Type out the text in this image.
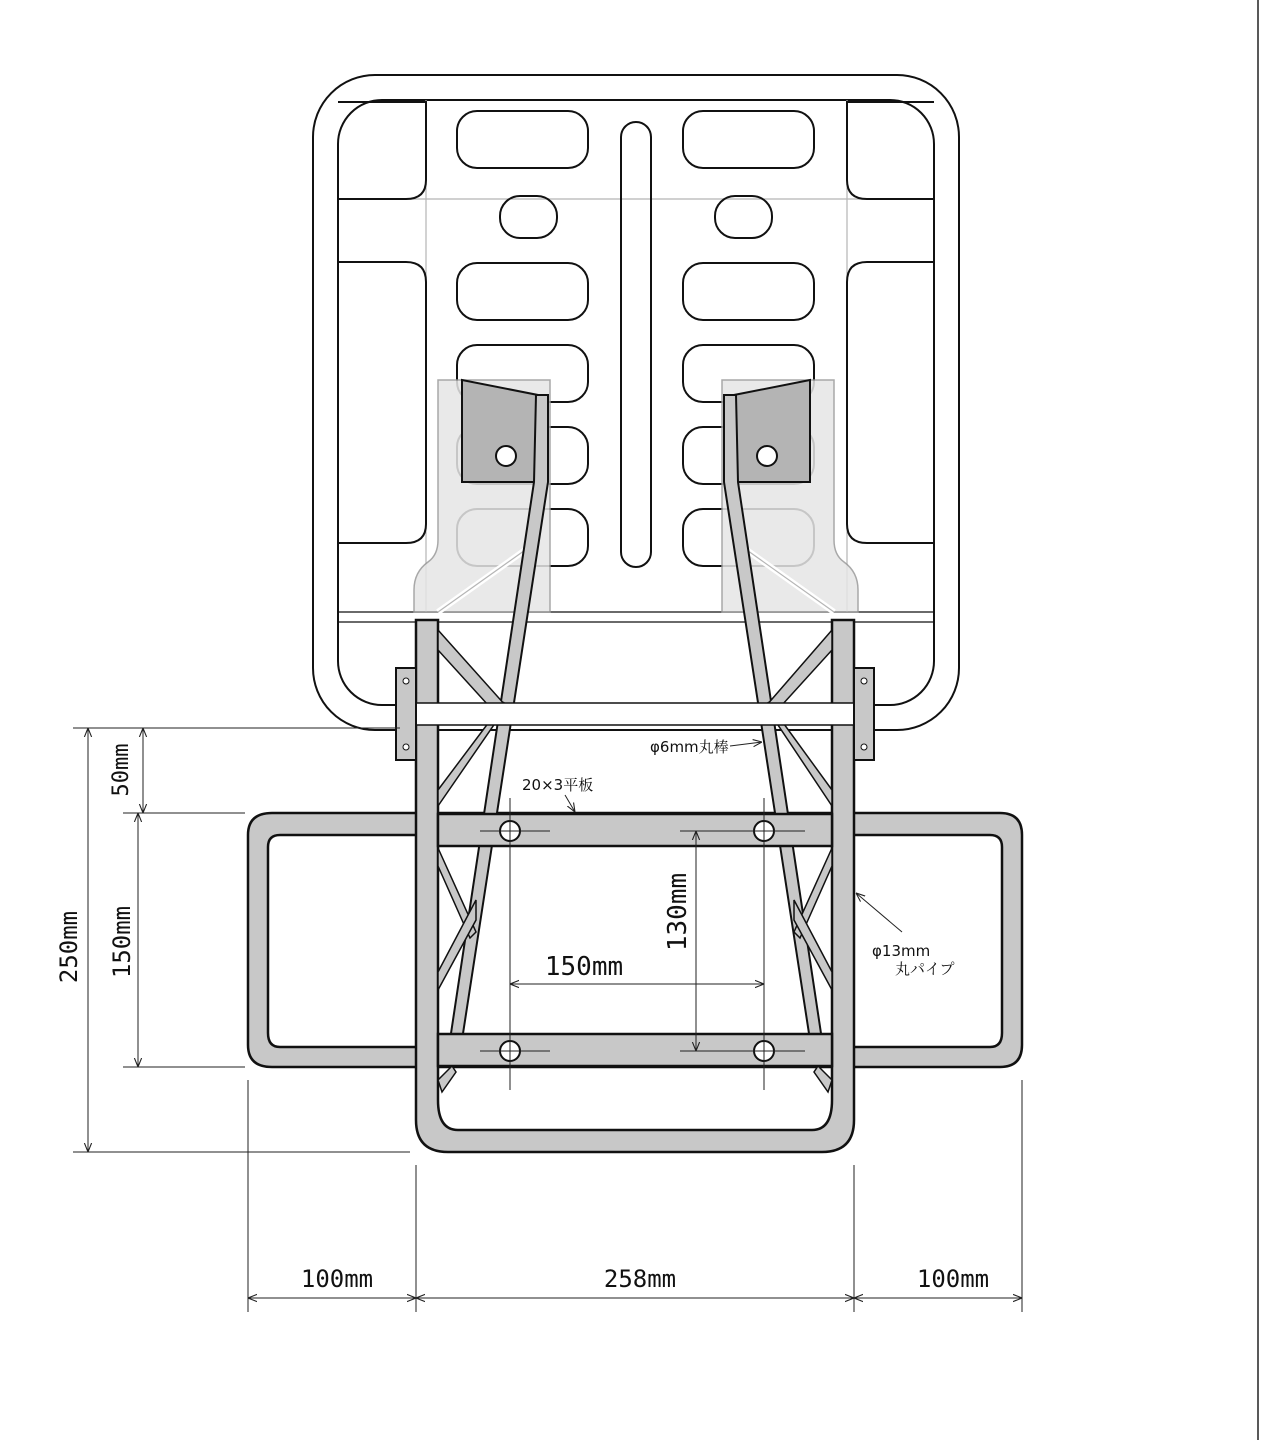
50mm
150mm
250mm	130mm
150mm
100mm	258mm	100mm
φ6mm丸棒
20×3平板
φ13mm
丸パイプ
